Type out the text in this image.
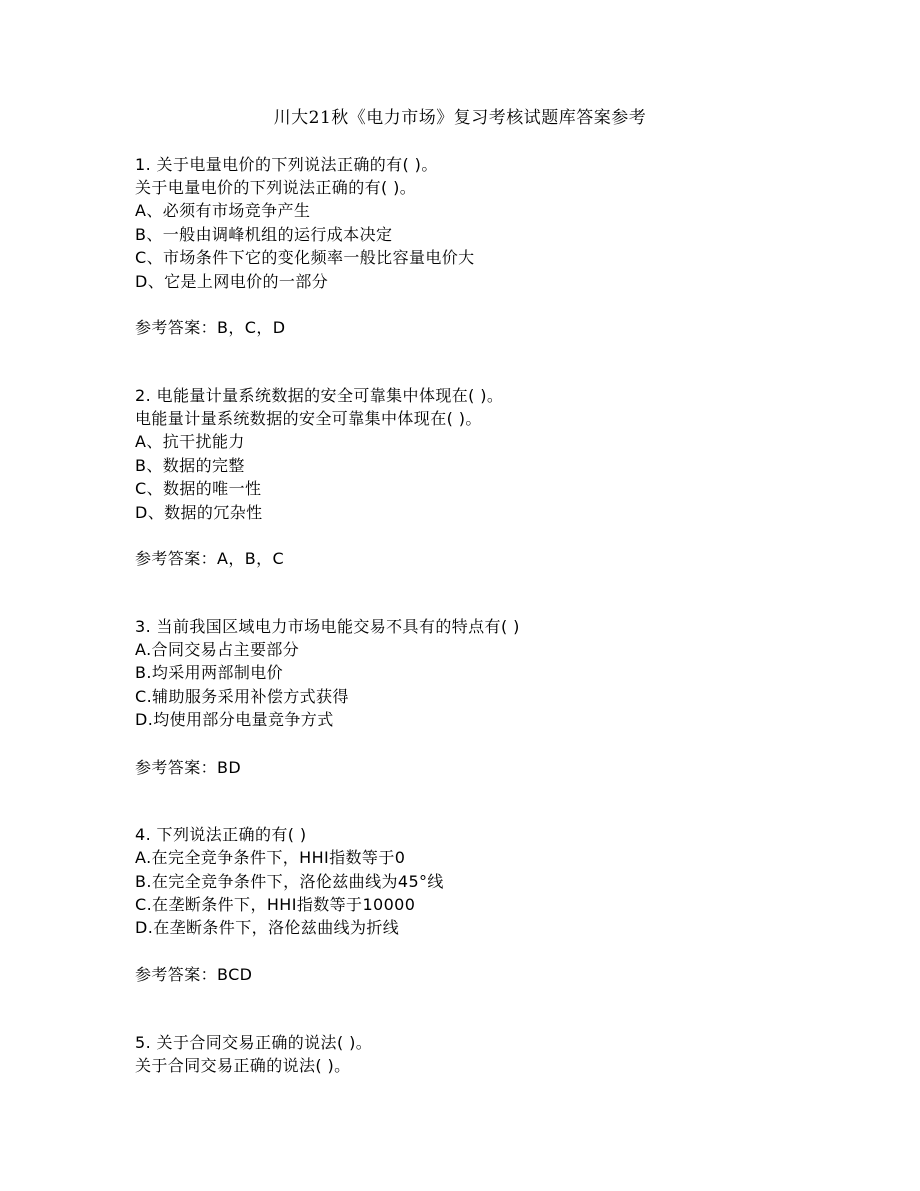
川大21秋《电力市场》复习考核试题库答案参考
1. 关于电量电价的下列说法正确的有( )。
关于电量电价的下列说法正确的有( )。
A、必须有市场竞争产生
B、一般由调峰机组的运行成本决定
C、市场条件下它的变化频率一般比容量电价大
D、它是上网电价的一部分
参考答案：B，C，D
2. 电能量计量系统数据的安全可靠集中体现在( )。
电能量计量系统数据的安全可靠集中体现在( )。
A、抗干扰能力
B、数据的完整
C、数据的唯一性
D、数据的冗杂性
参考答案：A，B，C
3. 当前我国区域电力市场电能交易不具有的特点有( )
A.合同交易占主要部分
B.均采用两部制电价
C.辅助服务采用补偿方式获得
D.均使用部分电量竞争方式
参考答案：BD
4. 下列说法正确的有( )
A.在完全竞争条件下，HHI指数等于0
B.在完全竞争条件下，洛伦兹曲线为45°线
C.在垄断条件下，HHI指数等于10000
D.在垄断条件下，洛伦兹曲线为折线
参考答案：BCD
5. 关于合同交易正确的说法( )。
关于合同交易正确的说法( )。
